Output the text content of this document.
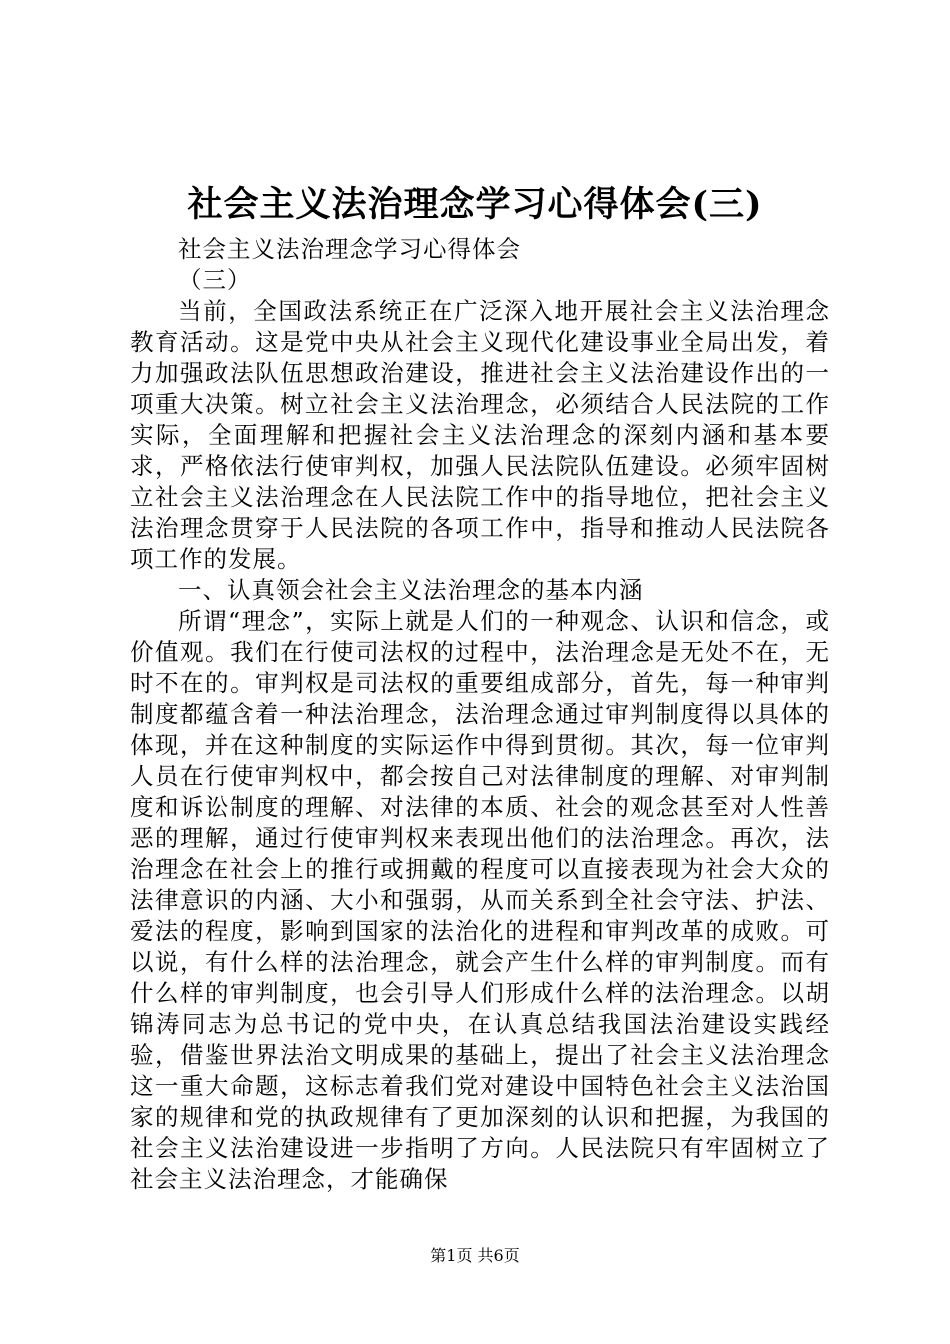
社会主义法治理念学习心得体会(三)

社会主义法治理念学习心得体会

（三）

当前，全国政法系统正在广泛深入地开展社会主义法治理念教育活动。这是党中央从社会主义现代化建设事业全局出发，着力加强政法队伍思想政治建设，推进社会主义法治建设作出的一项重大决策。树立社会主义法治理念，必须结合人民法院的工作实际，全面理解和把握社会主义法治理念的深刻内涵和基本要求，严格依法行使审判权，加强人民法院队伍建设。必须牢固树立社会主义法治理念在人民法院工作中的指导地位，把社会主义法治理念贯穿于人民法院的各项工作中，指导和推动人民法院各项工作的发展。

一、认真领会社会主义法治理念的基本内涵

所谓“理念”，实际上就是人们的一种观念、认识和信念，或价值观。我们在行使司法权的过程中，法治理念是无处不在，无时不在的。审判权是司法权的重要组成部分，首先，每一种审判制度都蕴含着一种法治理念，法治理念通过审判制度得以具体的体现，并在这种制度的实际运作中得到贯彻。其次，每一位审判人员在行使审判权中，都会按自己对法律制度的理解、对审判制度和诉讼制度的理解、对法律的本质、社会的观念甚至对人性善恶的理解，通过行使审判权来表现出他们的法治理念。再次，法治理念在社会上的推行或拥戴的程度可以直接表现为社会大众的法律意识的内涵、大小和强弱，从而关系到全社会守法、护法、爱法的程度，影响到国家的法治化的进程和审判改革的成败。可以说，有什么样的法治理念，就会产生什么样的审判制度。而有什么样的审判制度，也会引导人们形成什么样的法治理念。以胡锦涛同志为总书记的党中央，在认真总结我国法治建设实践经验，借鉴世界法治文明成果的基础上，提出了社会主义法治理念这一重大命题，这标志着我们党对建设中国特色社会主义法治国家的规律和党的执政规律有了更加深刻的认识和把握，为我国的社会主义法治建设进一步指明了方向。人民法院只有牢固树立了社会主义法治理念，才能确保

第1页 共6页
